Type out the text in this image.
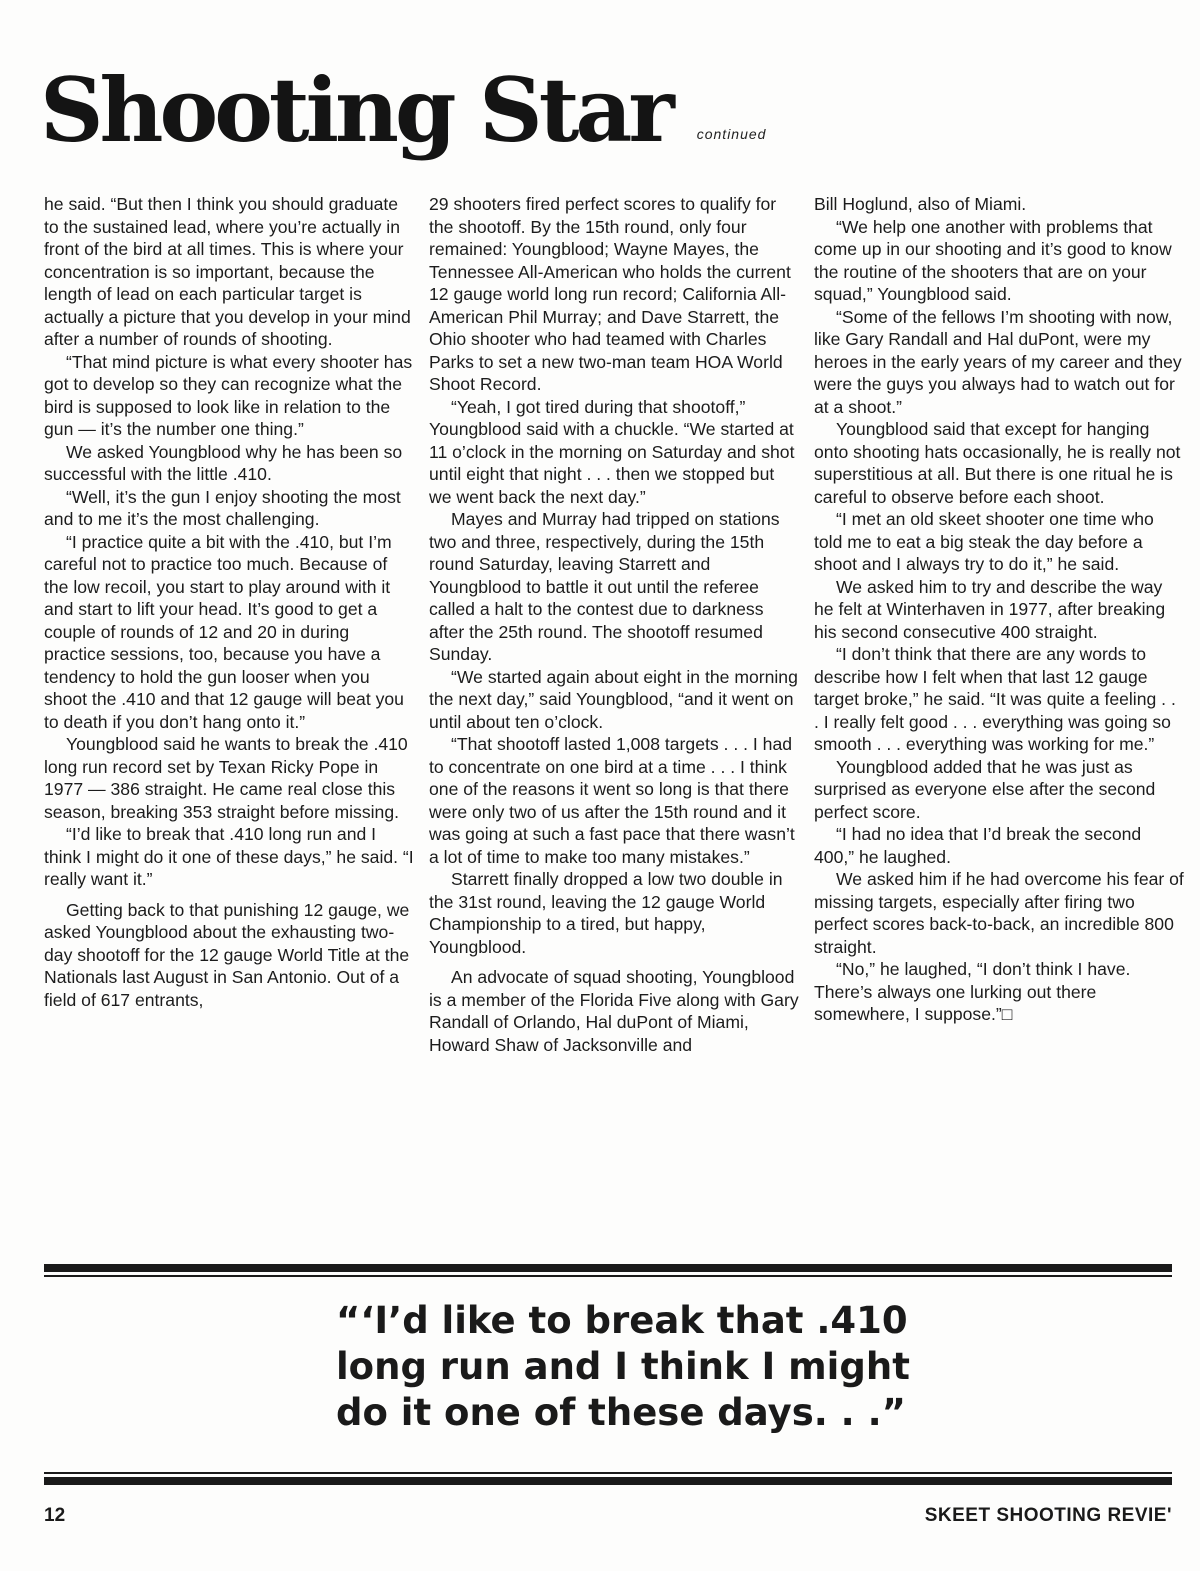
Shooting Star continued

he said. “But then I think you should graduate to the sustained lead, where you’re actually in front of the bird at all times. This is where your concentration is so important, because the length of lead on each particular target is actually a picture that you develop in your mind after a number of rounds of shooting.

“That mind picture is what every shooter has got to develop so they can recognize what the bird is supposed to look like in relation to the gun — it’s the number one thing.”

We asked Youngblood why he has been so successful with the little .410.

“Well, it’s the gun I enjoy shooting the most and to me it’s the most challenging.

“I practice quite a bit with the .410, but I’m careful not to practice too much. Because of the low recoil, you start to play around with it and start to lift your head. It’s good to get a couple of rounds of 12 and 20 in during practice sessions, too, because you have a tendency to hold the gun looser when you shoot the .410 and that 12 gauge will beat you to death if you don’t hang onto it.”

Youngblood said he wants to break the .410 long run record set by Texan Ricky Pope in 1977 — 386 straight. He came real close this season, breaking 353 straight before missing.

“I’d like to break that .410 long run and I think I might do it one of these days,” he said. “I really want it.”

Getting back to that punishing 12 gauge, we asked Youngblood about the exhausting two-day shootoff for the 12 gauge World Title at the Nationals last August in San Antonio. Out of a field of 617 entrants,

29 shooters fired perfect scores to qualify for the shootoff. By the 15th round, only four remained: Youngblood; Wayne Mayes, the Tennessee All-American who holds the current 12 gauge world long run record; California All-American Phil Murray; and Dave Starrett, the Ohio shooter who had teamed with Charles Parks to set a new two-man team HOA World Shoot Record.

“Yeah, I got tired during that shootoff,” Youngblood said with a chuckle. “We started at 11 o’clock in the morning on Saturday and shot until eight that night . . . then we stopped but we went back the next day.”

Mayes and Murray had tripped on stations two and three, respectively, during the 15th round Saturday, leaving Starrett and Youngblood to battle it out until the referee called a halt to the contest due to darkness after the 25th round. The shootoff resumed Sunday.

“We started again about eight in the morning the next day,” said Youngblood, “and it went on until about ten o’clock.

“That shootoff lasted 1,008 targets . . . I had to concentrate on one bird at a time . . . I think one of the reasons it went so long is that there were only two of us after the 15th round and it was going at such a fast pace that there wasn’t a lot of time to make too many mistakes.”

Starrett finally dropped a low two double in the 31st round, leaving the 12 gauge World Championship to a tired, but happy, Youngblood.

An advocate of squad shooting, Youngblood is a member of the Florida Five along with Gary Randall of Orlando, Hal duPont of Miami, Howard Shaw of Jacksonville and

Bill Hoglund, also of Miami.

“We help one another with problems that come up in our shooting and it’s good to know the routine of the shooters that are on your squad,” Youngblood said.

“Some of the fellows I’m shooting with now, like Gary Randall and Hal duPont, were my heroes in the early years of my career and they were the guys you always had to watch out for at a shoot.”

Youngblood said that except for hanging onto shooting hats occasionally, he is really not superstitious at all. But there is one ritual he is careful to observe before each shoot.

“I met an old skeet shooter one time who told me to eat a big steak the day before a shoot and I always try to do it,” he said.

We asked him to try and describe the way he felt at Winterhaven in 1977, after breaking his second consecutive 400 straight.

“I don’t think that there are any words to describe how I felt when that last 12 gauge target broke,” he said. “It was quite a feeling . . . I really felt good . . . everything was going so smooth . . . everything was working for me.”

Youngblood added that he was just as surprised as everyone else after the second perfect score.

“I had no idea that I’d break the second 400,” he laughed.

We asked him if he had overcome his fear of missing targets, especially after firing two perfect scores back-to-back, an incredible 800 straight.

“No,” he laughed, “I don’t think I have. There’s always one lurking out there somewhere, I suppose.”□

“‘I’d like to break that .410 long run and I think I might do it one of these days. . .”
12	SKEET SHOOTING REVIE'
